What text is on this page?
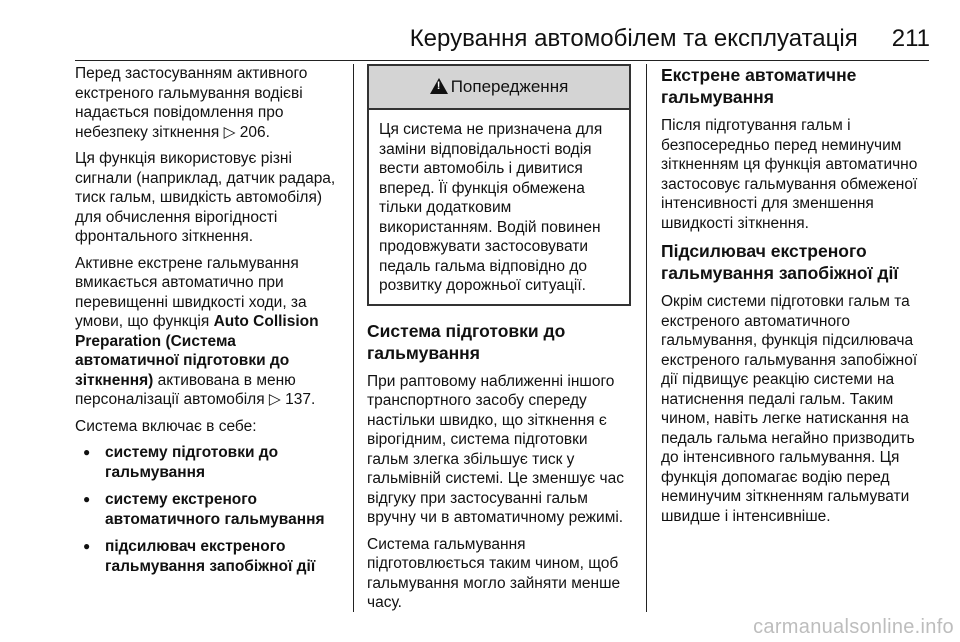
Керування автомобілем та експлуатація 211

Перед застосуванням активного екстреного гальмування водієві надається повідомлення про небезпеку зіткнення ▷ 206.

Ця функція використовує різні сигнали (наприклад, датчик радара, тиск гальм, швидкість автомобіля) для обчислення вірогідності фронтального зіткнення.

Активне екстрене гальмування вмикається автоматично при перевищенні швидкості ходи, за умови, що функція Auto Collision Preparation (Система автоматичної підготовки до зіткнення) активована в меню персоналізації автомобіля ▷ 137.

Система включає в себе:

● систему підготовки до гальмування
● систему екстреного автоматичного гальмування
● підсилювач екстреного гальмування запобіжної дії
!Попередження
Ця система не призначена для заміни відповідальності водія вести автомобіль і дивитися вперед. Її функція обмежена тільки додатковим використанням. Водій повинен продовжувати застосовувати педаль гальма відповідно до розвитку дорожньої ситуації.
Система підготовки до гальмування

При раптовому наближенні іншого транспортного засобу спереду настільки швидко, що зіткнення є вірогідним, система підготовки гальм злегка збільшує тиск у гальмівній системі. Це зменшує час відгуку при застосуванні гальм вручну чи в автоматичному режимі.

Система гальмування підготовлюється таким чином, щоб гальмування могло зайняти менше часу.

Екстрене автоматичне гальмування

Після підготування гальм і безпосередньо перед неминучим зіткненням ця функція автоматично застосовує гальмування обмеженої інтенсивності для зменшення швидкості зіткнення.

Підсилювач екстреного гальмування запобіжної дії

Окрім системи підготовки гальм та екстреного автоматичного гальмування, функція підсилювача екстреного гальмування запобіжної дії підвищує реакцію системи на натиснення педалі гальм. Таким чином, навіть легке натискання на педаль гальма негайно призводить до інтенсивного гальмування. Ця функція допомагає водію перед неминучим зіткненням гальмувати швидше і інтенсивніше.

carmanualsonline.info
